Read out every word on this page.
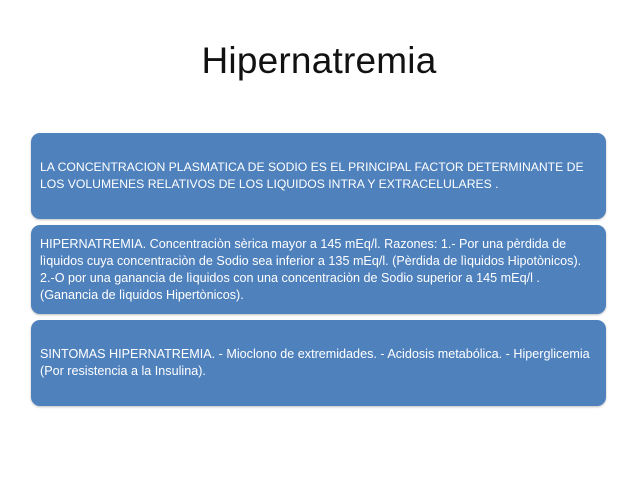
Hipernatremia
LA CONCENTRACION PLASMATICA DE SODIO ES EL PRINCIPAL FACTOR DETERMINANTE DE LOS VOLUMENES RELATIVOS DE LOS LIQUIDOS INTRA Y EXTRACELULARES .
HIPERNATREMIA. Concentraciòn sèrica mayor a 145 mEq/l. Razones: 1.- Por una pèrdida de lìquidos cuya concentraciòn de Sodio sea inferior a 135 mEq/l. (Pèrdida de lìquidos Hipotònicos). 2.-O por una ganancia de lìquidos con una concentraciòn de Sodio superior a 145 mEq/l . (Ganancia de lìquidos Hipertònicos).
SINTOMAS HIPERNATREMIA. - Mioclono de extremidades. - Acidosis metabólica. - Hiperglicemia (Por resistencia a la Insulina).
